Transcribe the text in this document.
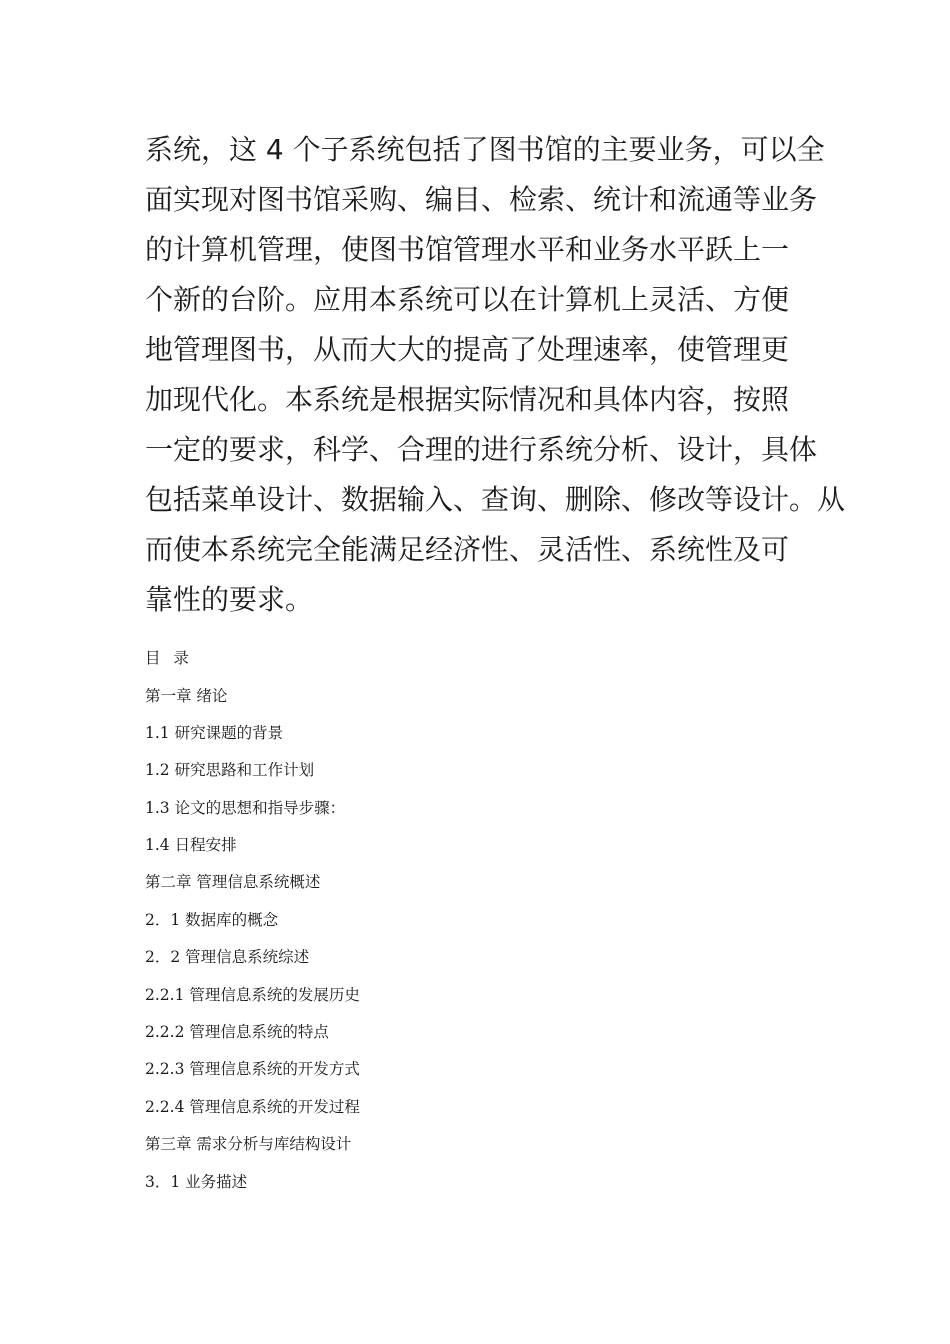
系统，这 4 个子系统包括了图书馆的主要业务，可以全
面实现对图书馆采购、编目、检索、统计和流通等业务
的计算机管理，使图书馆管理水平和业务水平跃上一
个新的台阶。应用本系统可以在计算机上灵活、方便
地管理图书，从而大大的提高了处理速率，使管理更
加现代化。本系统是根据实际情况和具体内容，按照
一定的要求，科学、合理的进行系统分析、设计，具体
包括菜单设计、数据输入、查询、删除、修改等设计。从
而使本系统完全能满足经济性、灵活性、系统性及可
靠性的要求。
目 录
第一章 绪论
1.1 研究课题的背景
1.2 研究思路和工作计划
1.3 论文的思想和指导步骤：
1.4 日程安排
第二章 管理信息系统概述
2．1 数据库的概念
2．2 管理信息系统综述
2.2.1 管理信息系统的发展历史
2.2.2 管理信息系统的特点
2.2.3 管理信息系统的开发方式
2.2.4 管理信息系统的开发过程
第三章 需求分析与库结构设计
3．1 业务描述
